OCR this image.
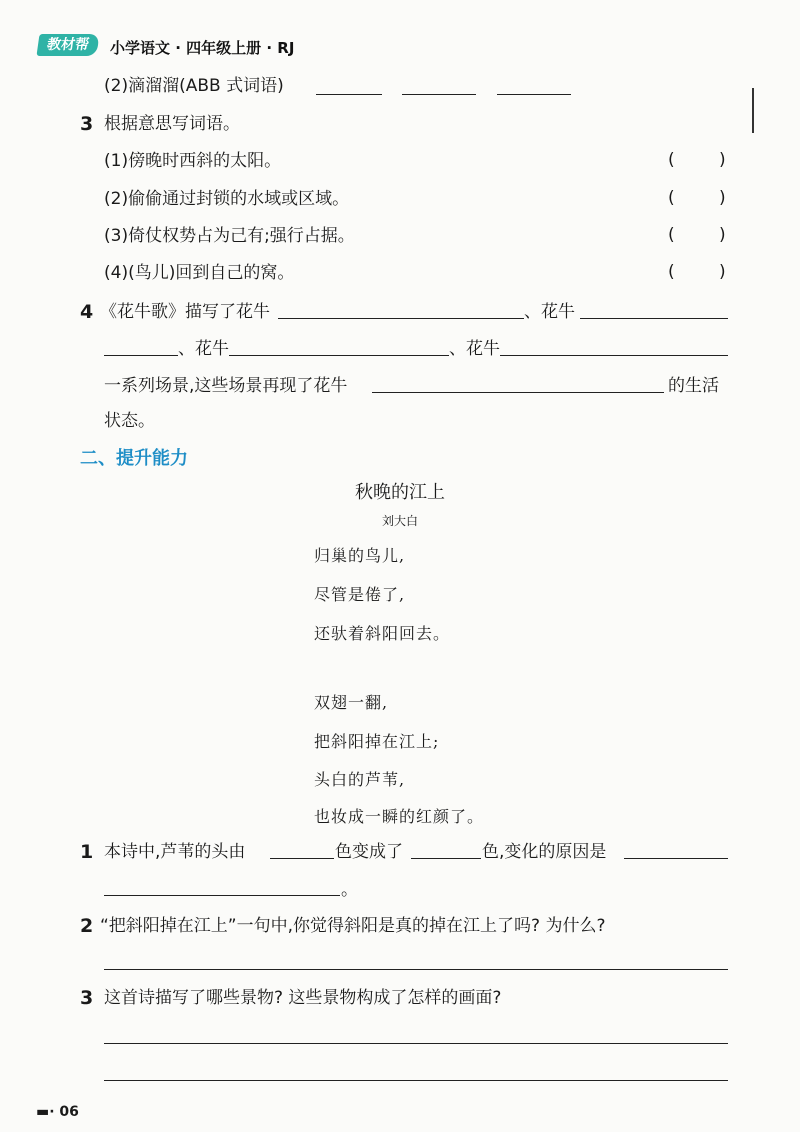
教材帮	小学语文 · 四年级上册 · RJ
(2)滴溜溜(ABB 式词语)
3 根据意思写词语。
(1)傍晚时西斜的太阳。	(	)
(2)偷偷通过封锁的水域或区域。	(	)
(3)倚仗权势占为己有;强行占据。	(	)
(4)(鸟儿)回到自己的窝。	(	)
4 《花牛歌》描写了花牛	、花牛
、花牛	、花牛
一系列场景,这些场景再现了花牛	的生活
状态。
二、提升能力
秋晚的江上
刘大白
归巢的鸟儿,
尽管是倦了,
还驮着斜阳回去。
双翅一翻,
把斜阳掉在江上;
头白的芦苇,
也妆成一瞬的红颜了。
1 本诗中,芦苇的头由	色变成了	色,变化的原因是
。
2 “把斜阳掉在江上”一句中,你觉得斜阳是真的掉在江上了吗? 为什么?
3 这首诗描写了哪些景物? 这些景物构成了怎样的画面?
▬· 06
